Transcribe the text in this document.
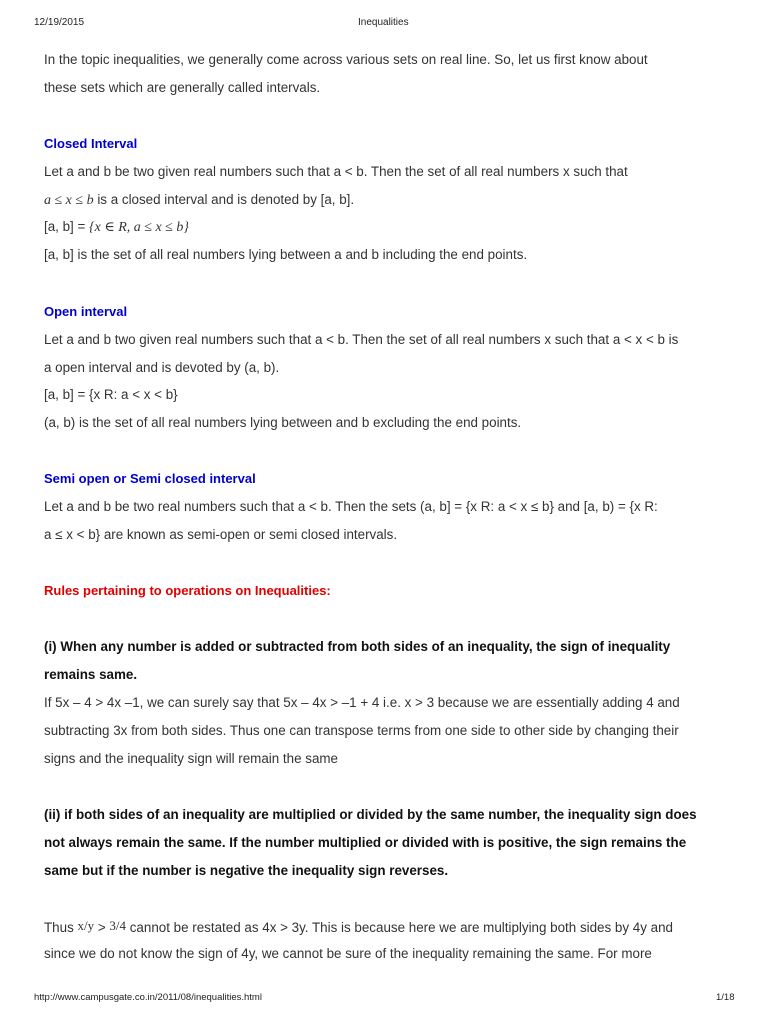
12/19/2015	Inequalities
In the topic inequalities, we generally come across various sets on real line. So, let us first know about
these sets which are generally called intervals.
Closed Interval
Let a and b be two given real numbers such that a < b. Then the set of all real numbers x such that
a ≤ x ≤ b is a closed interval and is denoted by [a, b].
[a, b] = {x ∈ R, a ≤ x ≤ b}
[a, b] is the set of all real numbers lying between a and b including the end points.
Open interval
Let a and b two given real numbers such that a < b. Then the set of all real numbers x such that a < x < b is
a open interval and is devoted by (a, b).
[a, b] = {x R: a < x < b}
(a, b) is the set of all real numbers lying between and b excluding the end points.
Semi open or Semi closed interval
Let a and b be two real numbers such that a < b. Then the sets (a, b] = {x R: a < x ≤ b} and [a, b) = {x R:
a ≤ x < b} are known as semi-open or semi closed intervals.
Rules pertaining to operations on Inequalities:
(i) When any number is added or subtracted from both sides of an inequality, the sign of inequality
remains same.
If 5x – 4 > 4x –1, we can surely say that 5x – 4x > –1 + 4 i.e. x > 3 because we are essentially adding 4 and
subtracting 3x from both sides. Thus one can transpose terms from one side to other side by changing their
signs and the inequality sign will remain the same
(ii) if both sides of an inequality are multiplied or divided by the same number, the inequality sign does
not always remain the same. If the number multiplied or divided with is positive, the sign remains the
same but if the number is negative the inequality sign reverses.
Thus x/y > 3/4 cannot be restated as 4x > 3y. This is because here we are multiplying both sides by 4y and
since we do not know the sign of 4y, we cannot be sure of the inequality remaining the same. For more
http://www.campusgate.co.in/2011/08/inequalities.html	1/18
